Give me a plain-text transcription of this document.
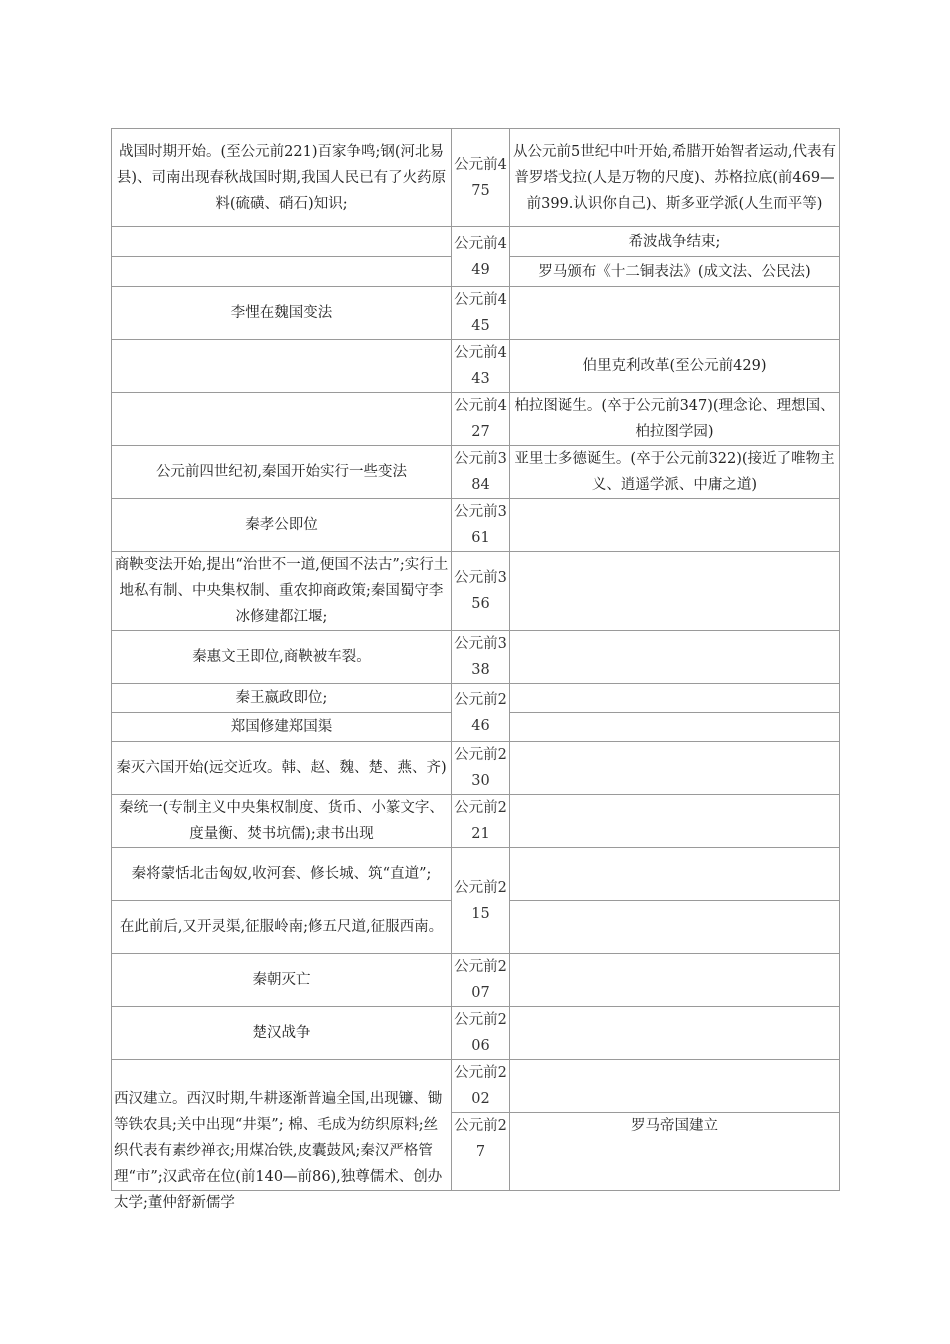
战国时期开始。(至公元前221)百家争鸣;钢(河北易县)、司南出现春秋战国时期,我国人民已有了火药原料(硫磺、硝石)知识;	公元前475	从公元前5世纪中叶开始,希腊开始智者运动,代表有普罗塔戈拉(人是万物的尺度)、苏格拉底(前469—前399.认识你自己)、斯多亚学派(人生而平等)
	公元前449	希波战争结束;
		罗马颁布《十二铜表法》(成文法、公民法)
李悝在魏国变法	公元前445	
	公元前443	伯里克利改革(至公元前429)
	公元前427	柏拉图诞生。(卒于公元前347)(理念论、理想国、柏拉图学园)
公元前四世纪初,秦国开始实行一些变法	公元前384	亚里士多德诞生。(卒于公元前322)(接近了唯物主义、逍遥学派、中庸之道)
秦孝公即位	公元前361	
商鞅变法开始,提出“治世不一道,便国不法古”;实行土地私有制、中央集权制、重农抑商政策;秦国蜀守李冰修建都江堰;	公元前356	
秦惠文王即位,商鞅被车裂。	公元前338	
秦王嬴政即位;	公元前246	
郑国修建郑国渠		
秦灭六国开始(远交近攻。韩、赵、魏、楚、燕、齐)	公元前230	
秦统一(专制主义中央集权制度、货币、小篆文字、度量衡、焚书坑儒);隶书出现	公元前221	
秦将蒙恬北击匈奴,收河套、修长城、筑“直道”;	公元前215	
在此前后,又开灵渠,征服岭南;修五尺道,征服西南。		
秦朝灭亡	公元前207	
楚汉战争	公元前206	

西汉建立。西汉时期,牛耕逐渐普遍全国,出现镰、锄等铁农具;关中出现“井渠”; 棉、毛成为纺织原料;丝织代表有素纱禅衣;用煤冶铁,皮囊鼓风;秦汉严格管理“市”;汉武帝在位(前140—前86),独尊儒术、创办太学;董仲舒新儒学	公元前202	
	公元前27	罗马帝国建立
